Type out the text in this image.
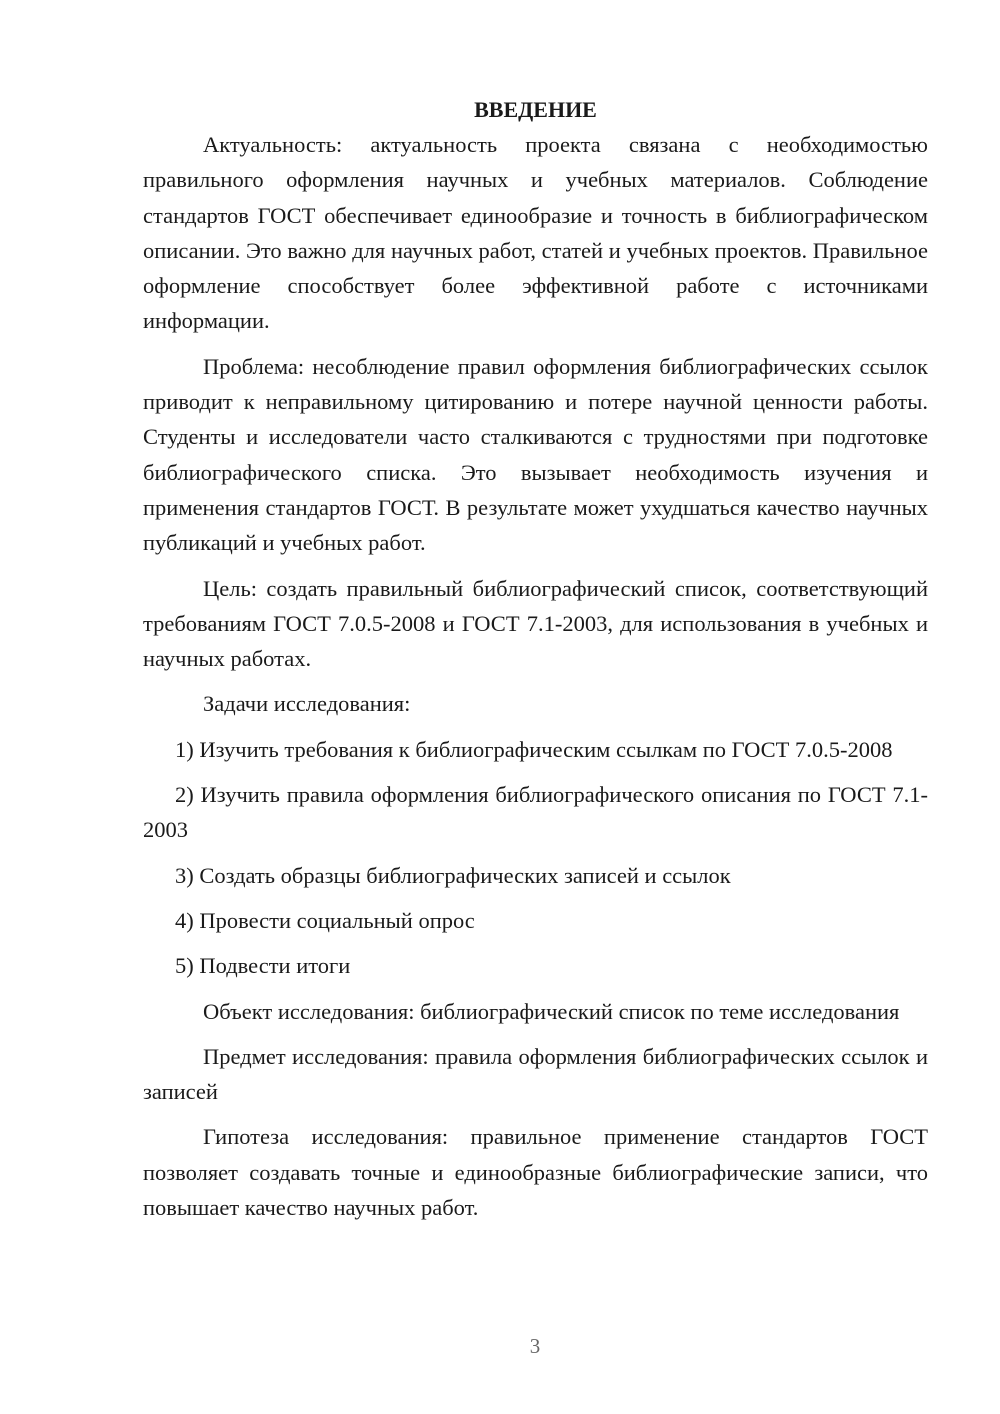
ВВЕДЕНИЕ

Актуальность: актуальность проекта связана с необходимостью правильного оформления научных и учебных материалов. Соблюдение стандартов ГОСТ обеспечивает единообразие и точность в библиографическом описании. Это важно для научных работ, статей и учебных проектов. Правильное оформление способствует более эффективной работе с источниками информации.

Проблема: несоблюдение правил оформления библиографических ссылок приводит к неправильному цитированию и потере научной ценности работы. Студенты и исследователи часто сталкиваются с трудностями при подготовке библиографического списка. Это вызывает необходимость изучения и применения стандартов ГОСТ. В результате может ухудшаться качество научных публикаций и учебных работ.

Цель: создать правильный библиографический список, соответствующий требованиям ГОСТ 7.0.5-2008 и ГОСТ 7.1-2003, для использования в учебных и научных работах.

Задачи исследования:

1) Изучить требования к библиографическим ссылкам по ГОСТ 7.0.5-2008

2) Изучить правила оформления библиографического описания по ГОСТ 7.1-2003

3) Создать образцы библиографических записей и ссылок

4) Провести социальный опрос

5) Подвести итоги

Объект исследования: библиографический список по теме исследования

Предмет исследования: правила оформления библиографических ссылок и записей

Гипотеза исследования: правильное применение стандартов ГОСТ позволяет создавать точные и единообразные библиографические записи, что повышает качество научных работ.

3
